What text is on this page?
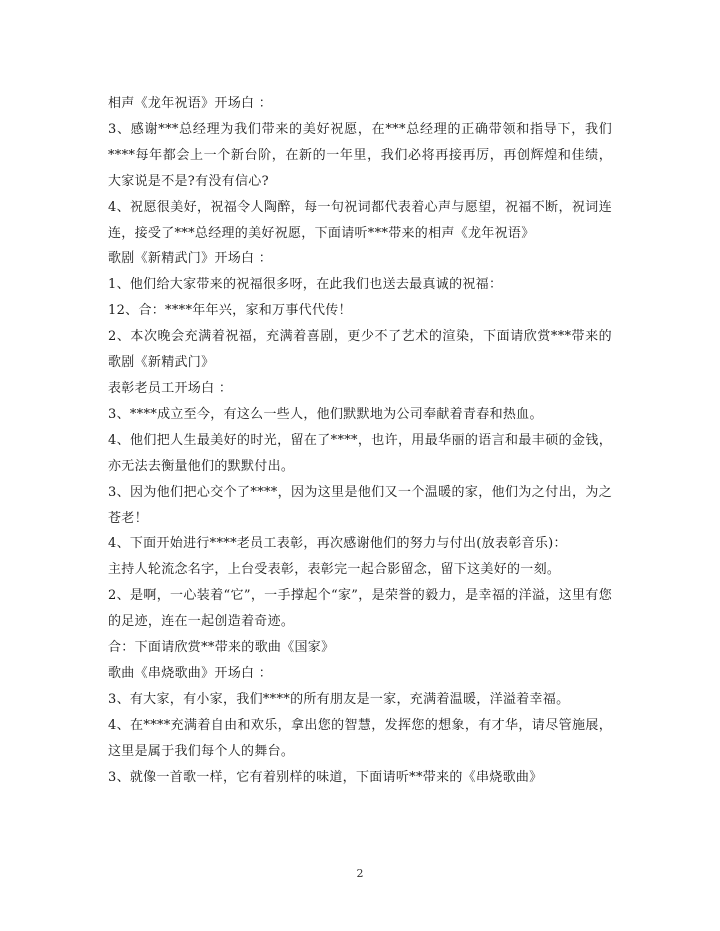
相声《龙年祝语》开场白 ：

3、感谢***总经理为我们带来的美好祝愿，在***总经理的正确带领和指导下，我们****每年都会上一个新台阶，在新的一年里，我们必将再接再厉，再创辉煌和佳绩，大家说是不是?有没有信心?

4、祝愿很美好，祝福令人陶醉，每一句祝词都代表着心声与愿望，祝福不断，祝词连连，接受了***总经理的美好祝愿，下面请听***带来的相声《龙年祝语》

歌剧《新精武门》开场白 ：

1、他们给大家带来的祝福很多呀，在此我们也送去最真诚的祝福：

12、合：****年年兴，家和万事代代传！

2、本次晚会充满着祝福，充满着喜剧，更少不了艺术的渲染，下面请欣赏***带来的歌剧《新精武门》

表彰老员工开场白 ：

3、****成立至今，有这么一些人，他们默默地为公司奉献着青春和热血。

4、他们把人生最美好的时光，留在了****，也许，用最华丽的语言和最丰硕的金钱，亦无法去衡量他们的默默付出。

3、因为他们把心交个了****，因为这里是他们又一个温暖的家，他们为之付出，为之苍老！

4、下面开始进行****老员工表彰，再次感谢他们的努力与付出(放表彰音乐)：

主持人轮流念名字，上台受表彰，表彰完一起合影留念，留下这美好的一刻。

2、是啊，一心装着“它”，一手撑起个“家”，是荣誉的毅力，是幸福的洋溢，这里有您的足迹，连在一起创造着奇迹。

合：下面请欣赏**带来的歌曲《国家》

歌曲《串烧歌曲》开场白 ：

3、有大家，有小家，我们****的所有朋友是一家，充满着温暖，洋溢着幸福。

4、在****充满着自由和欢乐，拿出您的智慧，发挥您的想象，有才华，请尽管施展，这里是属于我们每个人的舞台。

3、就像一首歌一样，它有着别样的味道，下面请听**带来的《串烧歌曲》

2
